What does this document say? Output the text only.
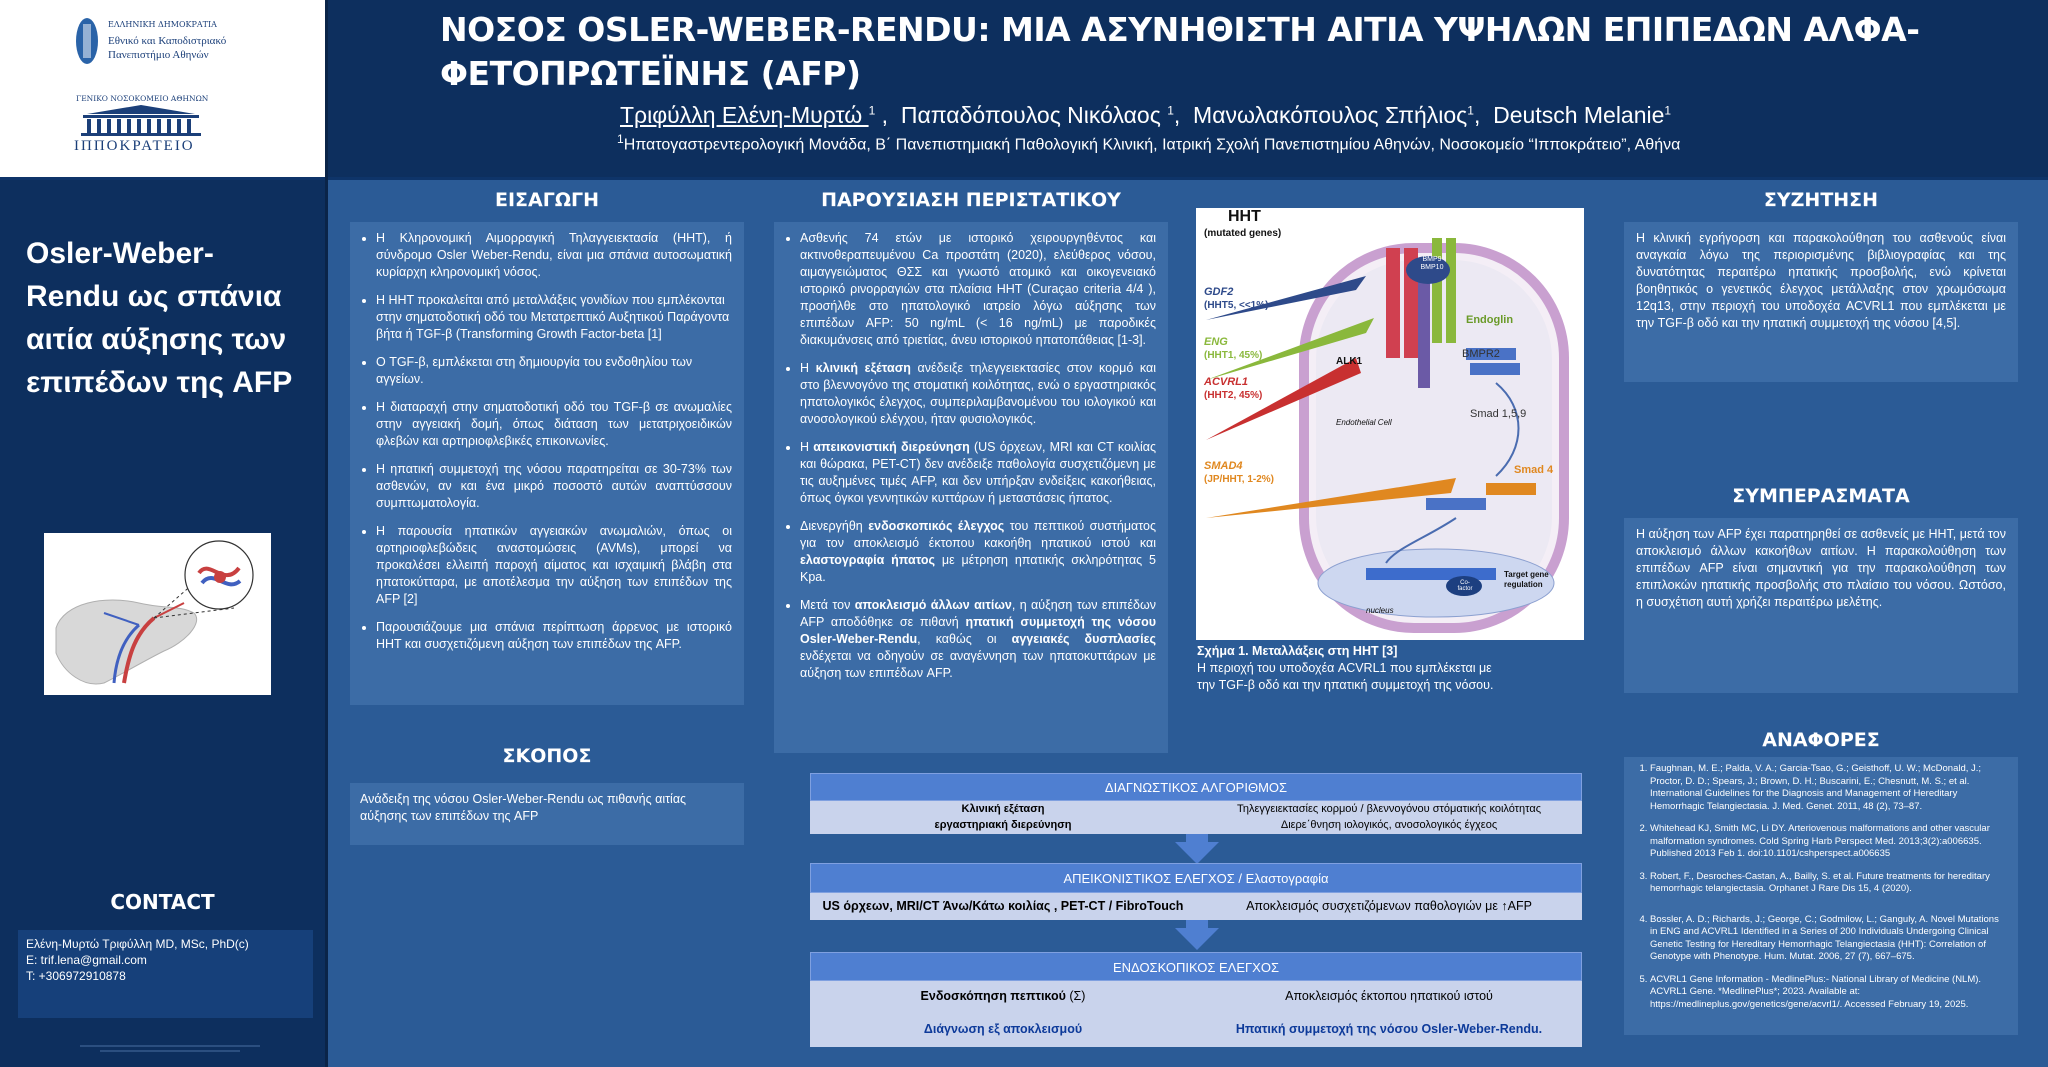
ΕΛΛΗΝΙΚΗ ΔΗΜΟΚΡΑΤΙΑ
Εθνικό και Καποδιστριακό
Πανεπιστήμιο Αθηνών
ΓΕΝΙΚΟ ΝΟΣΟΚΟΜΕΙΟ ΑΘΗΝΩΝ
ΙΠΠΟΚΡΑΤΕΙΟ
ΝΟΣΟΣ OSLER-WEBER-RENDU: ΜΙΑ ΑΣΥΝΗΘΙΣΤΗ ΑΙΤΙΑ ΥΨΗΛΩΝ ΕΠΙΠΕΔΩΝ ΑΛΦΑ-ΦΕΤΟΠΡΩΤΕΪΝΗΣ (AFP)
Τριφύλλη Ελένη-Μυρτώ $^1$ ,  Παπαδόπουλος Νικόλαος $^1$,  Μανωλακόπουλος Σπήλιος$^1$,  Deutsch Melanie$^1$
$^1$Ηπατογαστρεντερολογική Μονάδα, Β΄ Πανεπιστημιακή Παθολογική Κλινική, Ιατρική Σχολή Πανεπιστημίου Αθηνών, Νοσοκομείο “Ιπποκράτειο”, Αθήνα
Osler-Weber-Rendu ως σπάνια αιτία αύξησης των επιπέδων της AFP
CONTACT
Ελένη-Μυρτώ Τριφύλλη MD, MSc, PhD(c)
E: trif.lena@gmail.com
T: +306972910878
ΕΙΣΑΓΩΓΗ
• Η Κληρονομική Αιμορραγική Τηλαγγειεκτασία (HHT), ή σύνδρομο Osler Weber-Rendu, είναι μια σπάνια αυτοσωματική κυρίαρχη κληρονομική νόσος.
• Η HHT προκαλείται από μεταλλάξεις γονιδίων που εμπλέκονται στην σηματοδοτική οδό του Μετατρεπτικό Αυξητικού Παράγοντα βήτα ή TGF-β (Transforming Growth Factor-beta [1]
• Ο TGF-β, εμπλέκεται στη δημιουργία του ενδοθηλίου των αγγείων.
• Η διαταραχή στην σηματοδοτική οδό του TGF-β σε ανωμαλίες στην αγγειακή δομή, όπως διάταση των μετατριχοειδικών φλεβών και αρτηριοφλεβικές επικοινωνίες.
• Η ηπατική συμμετοχή της νόσου παρατηρείται σε 30-73% των ασθενών, αν και ένα μικρό ποσοστό αυτών αναπτύσσουν συμπτωματολογία.
• Η παρουσία ηπατικών αγγειακών ανωμαλιών, όπως οι αρτηριοφλεβώδεις αναστομώσεις (AVMs), μπορεί να προκαλέσει ελλειπή παροχή αίματος και ισχαιμική βλάβη στα ηπατοκύτταρα, με αποτέλεσμα την αύξηση των επιπέδων της AFP [2]
• Παρουσιάζουμε μια σπάνια περίπτωση άρρενος με ιστορικό HHT και συσχετιζόμενη αύξηση των επιπέδων της AFP.
ΣΚΟΠΟΣ

Ανάδειξη της νόσου Osler-Weber-Rendu ως πιθανής αιτίας αύξησης των επιπέδων της AFP

ΠΑΡΟΥΣΙΑΣΗ ΠΕΡΙΣΤΑΤΙΚΟΥ
• Ασθενής 74 ετών με ιστορικό χειρουργηθέντος και ακτινοθεραπευμένου Ca προστάτη (2020), ελεύθερος νόσου, αιμαγγειώματος ΘΣΣ και γνωστό ατομικό και οικογενειακό ιστορικό ρινορραγιών στα πλαίσια HHT (Curaçao criteria 4/4 ), προσήλθε στο ηπατολογικό ιατρείο λόγω αύξησης των επιπέδων AFP: 50 ng/mL (< 16 ng/mL) με παροδικές διακυμάνσεις από τριετίας, άνευ ιστορικού ηπατοπάθειας [1-3].
• Η κλινική εξέταση ανέδειξε τηλεγγειεκτασίες στον κορμό και στο βλεννογόνο της στοματική κοιλότητας, ενώ ο εργαστηριακός ηπατολογικός έλεγχος, συμπεριλαμβανομένου του ιολογικού και ανοσολογικού ελέγχου, ήταν φυσιολογικός.
• Η απεικονιστική διερεύνηση (US όρχεων, MRI και CT κοιλίας και θώρακα, PET-CT) δεν ανέδειξε παθολογία συσχετιζόμενη με τις αυξημένες τιμές AFP, και δεν υπήρξαν ενδείξεις κακοήθειας, όπως όγκοι γεννητικών κυττάρων ή μεταστάσεις ήπατος.
• Διενεργήθη ενδοσκοπικός έλεγχος του πεπτικού συστήματος για τον αποκλεισμό έκτοπου κακοήθη ηπατικού ιστού και ελαστογραφία ήπατος με μέτρηση ηπατικής σκληρότητας 5 Kpa.
• Μετά τον αποκλεισμό άλλων αιτίων, η αύξηση των επιπέδων AFP αποδόθηκε σε πιθανή ηπατική συμμετοχή της νόσου Osler-Weber-Rendu, καθώς οι αγγειακές δυσπλασίες ενδέχεται να οδηγούν σε αναγέννηση των ηπατοκυττάρων με αύξηση των επιπέδων AFP.
HHT
(mutated genes)
GDF2
(HHT5, <<1%)
ENG
(HHT1, 45%)
ACVRL1
(HHT2, 45%)
SMAD4
(JP/HHT, 1-2%)
BMP9 BMP10
Endoglin
BMPR2
ALK1
Endothelial Cell
Smad 1,5,9
Smad 4
Target gene regulation
nucleus
Co-factor
Σχήμα 1. Μεταλλάξεις στη HHT [3]
Η περιοχή του υποδοχέα ACVRL1 που εμπλέκεται με την TGF-β οδό και την ηπατική συμμετοχή της νόσου.
ΔΙΑΓΝΩΣΤΙΚΟΣ ΑΛΓΟΡΙΘΜΟΣ
Κλινική εξέταση	Τηλεγγειεκτασίες κορμού / βλεννογόνου στόματικής κοιλότητας
εργαστηριακή διερεύνηση	Διερε΄θνηση ιολογικός, ανοσολογικός έγχεος
ΑΠΕΙΚΟΝΙΣΤΙΚΟΣ ΕΛΕΓΧΟΣ / Ελαστογραφία
US όρχεων, MRI/CT Άνω/Κάτω κοιλίας , PET-CT / FibroTouch	Αποκλεισμός συσχετιζόμενων παθολογιών με ↑AFP
ΕΝΔΟΣΚΟΠΙΚΟΣ ΕΛΕΓΧΟΣ
Ενδοσκόπηση πεπτικού (Σ)	Αποκλεισμός έκτοπου ηπατικού ιστού
Διάγνωση εξ αποκλεισμού	Ηπατική συμμετοχή της νόσου Osler-Weber-Rendu.
ΣΥΖΗΤΗΣΗ

Η κλινική εγρήγορση και παρακολούθηση του ασθενούς είναι αναγκαία λόγω της περιορισμένης βιβλιογραφίας και της δυνατότητας περαιτέρω ηπατικής προσβολής, ενώ κρίνεται βοηθητικός ο γενετικός έλεγχος μετάλλαξης στον χρωμόσωμα 12q13, στην περιοχή του υποδοχέα ACVRL1 που εμπλέκεται με την TGF-β οδό και την ηπατική συμμετοχή της νόσου [4,5].

ΣΥΜΠΕΡΑΣΜΑΤΑ

Η αύξηση των AFP έχει παρατηρηθεί σε ασθενείς με HHT, μετά τον αποκλεισμό άλλων κακοήθων αιτίων. Η παρακολούθηση των επιπέδων AFP είναι σημαντική για την παρακολούθηση των επιπλοκών ηπατικής προσβολής στο πλαίσιο του νόσου. Ωστόσο, η συσχέτιση αυτή χρήζει περαιτέρω μελέτης.

ΑΝΑΦΟΡΕΣ
1. Faughnan, M. E.; Palda, V. A.; Garcia-Tsao, G.; Geisthoff, U. W.; McDonald, J.; Proctor, D. D.; Spears, J.; Brown, D. H.; Buscarini, E.; Chesnutt, M. S.; et al. International Guidelines for the Diagnosis and Management of Hereditary Hemorrhagic Telangiectasia. J. Med. Genet. 2011, 48 (2), 73–87.
2. Whitehead KJ, Smith MC, Li DY. Arteriovenous malformations and other vascular malformation syndromes. Cold Spring Harb Perspect Med. 2013;3(2):a006635. Published 2013 Feb 1. doi:10.1101/cshperspect.a006635
3. Robert, F., Desroches-Castan, A., Bailly, S. et al. Future treatments for hereditary hemorrhagic telangiectasia. Orphanet J Rare Dis 15, 4 (2020).
4. Bossler, A. D.; Richards, J.; George, C.; Godmilow, L.; Ganguly, A. Novel Mutations in ENG and ACVRL1 Identified in a Series of 200 Individuals Undergoing Clinical Genetic Testing for Hereditary Hemorrhagic Telangiectasia (HHT): Correlation of Genotype with Phenotype. Hum. Mutat. 2006, 27 (7), 667–675.
5. ACVRL1 Gene Information - MedlinePlus:- National Library of Medicine (NLM). ACVRL1 Gene. *MedlinePlus*; 2023. Available at: https://medlineplus.gov/genetics/gene/acvrl1/. Accessed February 19, 2025.
